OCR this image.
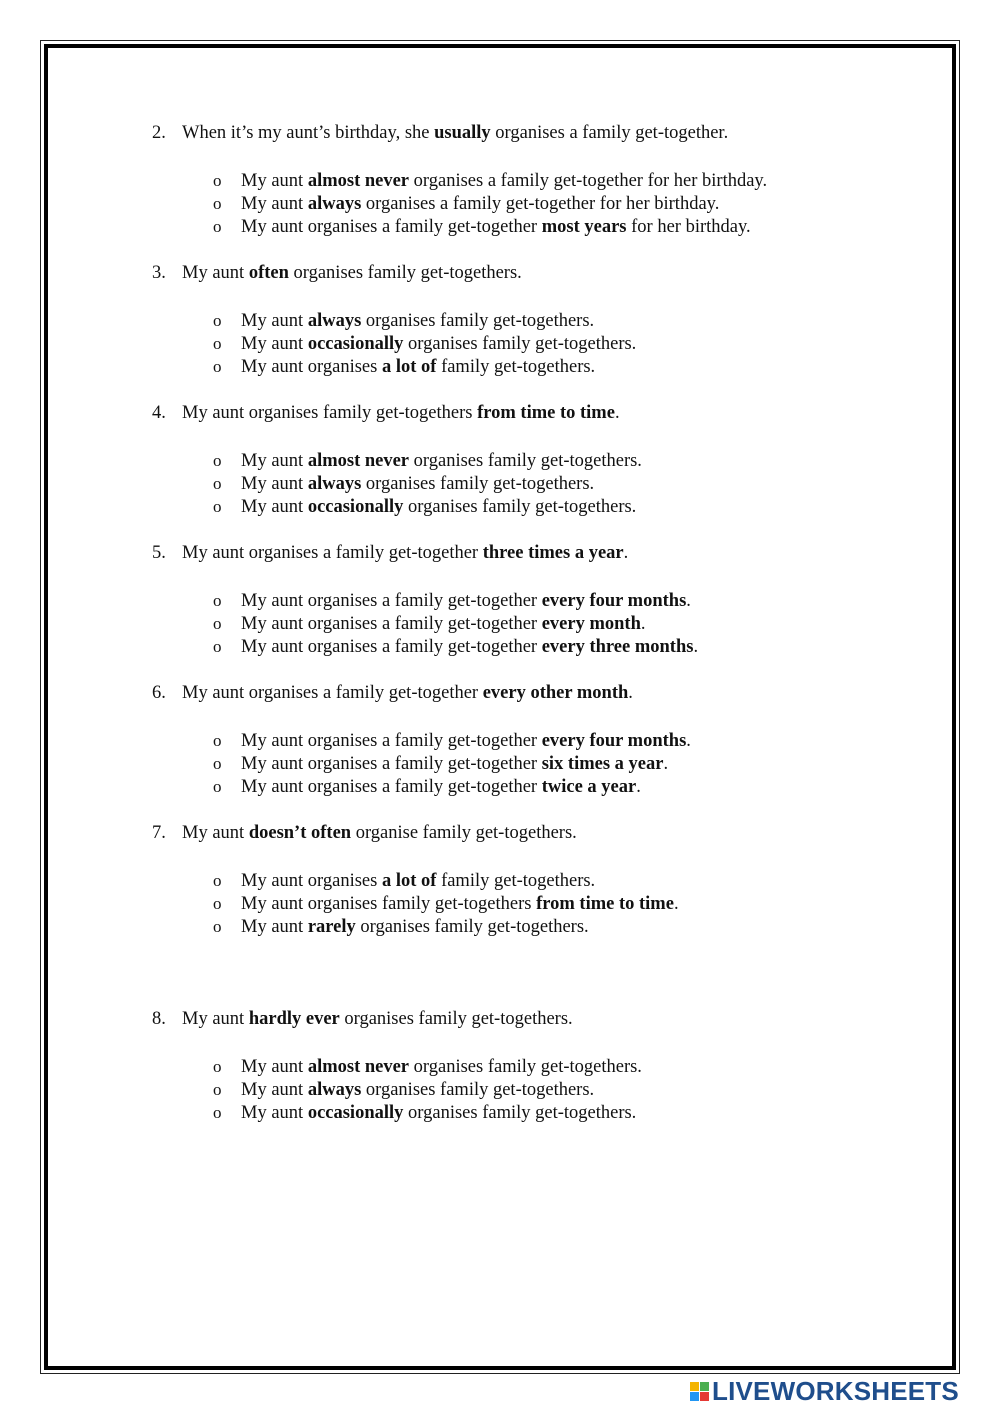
2. When it’s my aunt’s birthday, she usually organises a family get-together.
o My aunt almost never organises a family get-together for her birthday.
o My aunt always organises a family get-together for her birthday.
o My aunt organises a family get-together most years for her birthday.
3. My aunt often organises family get-togethers.
o My aunt always organises family get-togethers.
o My aunt occasionally organises family get-togethers.
o My aunt organises a lot of family get-togethers.
4. My aunt organises family get-togethers from time to time.
o My aunt almost never organises family get-togethers.
o My aunt always organises family get-togethers.
o My aunt occasionally organises family get-togethers.
5. My aunt organises a family get-together three times a year.
o My aunt organises a family get-together every four months.
o My aunt organises a family get-together every month.
o My aunt organises a family get-together every three months.
6. My aunt organises a family get-together every other month.
o My aunt organises a family get-together every four months.
o My aunt organises a family get-together six times a year.
o My aunt organises a family get-together twice a year.
7. My aunt doesn’t often organise family get-togethers.
o My aunt organises a lot of family get-togethers.
o My aunt organises family get-togethers from time to time.
o My aunt rarely organises family get-togethers.
8. My aunt hardly ever organises family get-togethers.
o My aunt almost never organises family get-togethers.
o My aunt always organises family get-togethers.
o My aunt occasionally organises family get-togethers.
LIVEWORKSHEETS
